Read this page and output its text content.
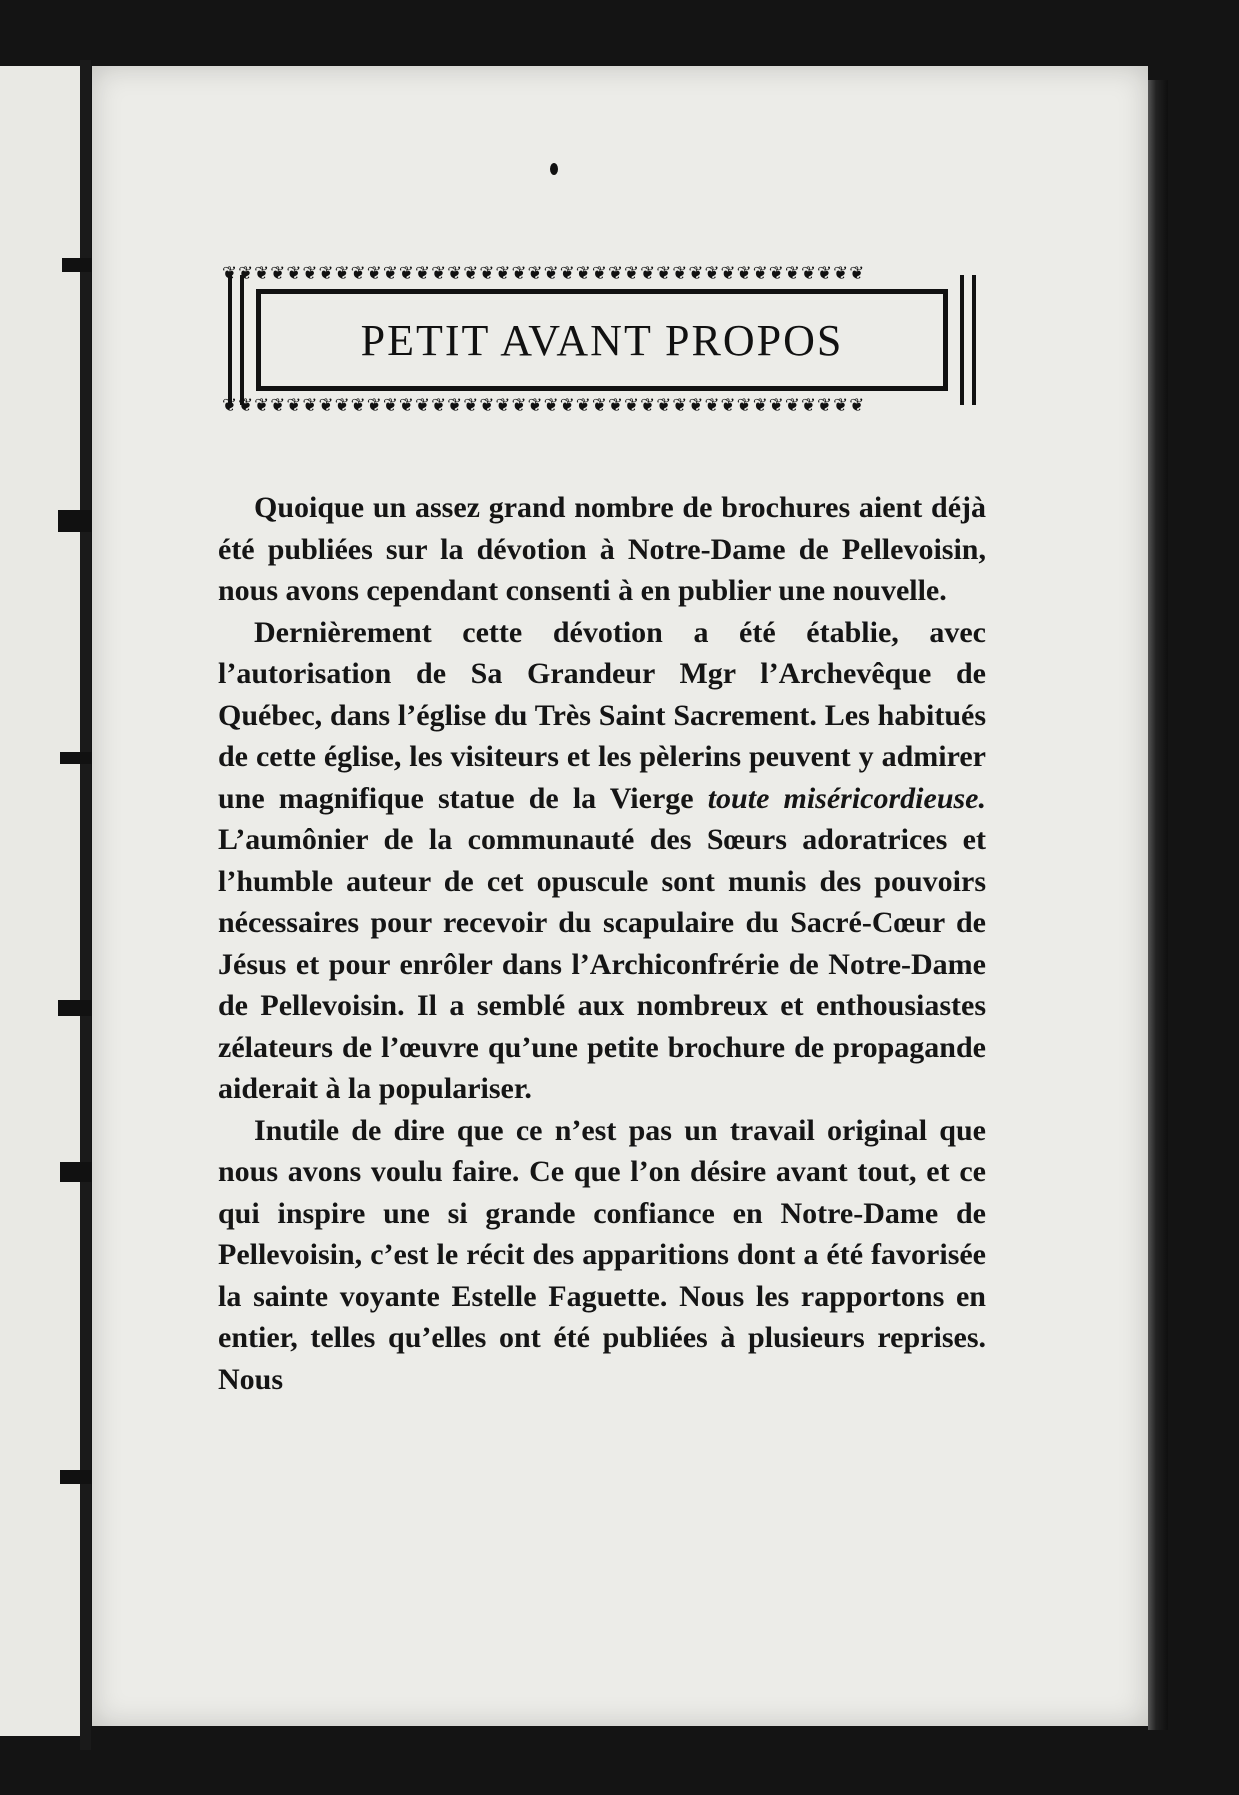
❦❦❦❦❦❦❦❦❦❦❦❦❦❦❦❦❦❦❦❦❦❦❦❦❦❦❦❦❦❦❦❦❦❦❦❦❦❦❦❦
PETIT AVANT PROPOS
❦❦❦❦❦❦❦❦❦❦❦❦❦❦❦❦❦❦❦❦❦❦❦❦❦❦❦❦❦❦❦❦❦❦❦❦❦❦❦❦

Quoique un assez grand nombre de brochures aient déjà été publiées sur la dévotion à Notre-Dame de Pellevoisin, nous avons cependant consenti à en publier une nouvelle.

Dernièrement cette dévotion a été établie, avec l’autorisation de Sa Grandeur Mgr l’Archevêque de Québec, dans l’église du Très Saint Sacrement. Les habitués de cette église, les visiteurs et les pèlerins peuvent y admirer une magnifique statue de la Vierge toute miséricordieuse. L’aumônier de la communauté des Sœurs adoratrices et l’humble auteur de cet opuscule sont munis des pouvoirs nécessaires pour recevoir du scapulaire du Sacré-Cœur de Jésus et pour enrôler dans l’Archiconfrérie de Notre-Dame de Pellevoisin. Il a semblé aux nombreux et enthousiastes zélateurs de l’œuvre qu’une petite brochure de propagande aiderait à la populariser.

Inutile de dire que ce n’est pas un travail original que nous avons voulu faire. Ce que l’on désire avant tout, et ce qui inspire une si grande confiance en Notre-Dame de Pellevoisin, c’est le récit des apparitions dont a été favorisée la sainte voyante Estelle Faguette. Nous les rapportons en entier, telles qu’elles ont été publiées à plusieurs reprises. Nous
